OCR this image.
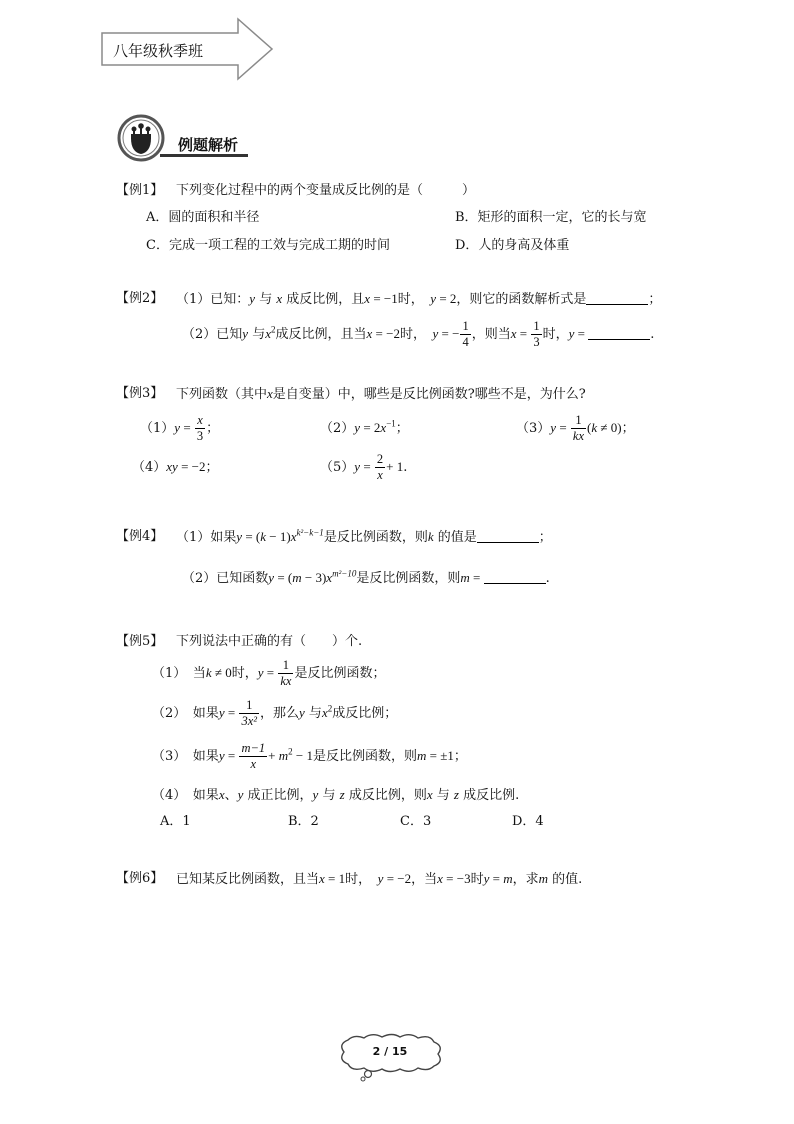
八年级秋季班
例题解析
【例1】 下列变化过程中的两个变量成反比例的是（　　　）
A．圆的面积和半径	B．矩形的面积一定，它的长与宽
C．完成一项工程的工效与完成工期的时间	D．人的身高及体重
【例2】 （1）已知：y 与 x 成反比例，且x = −1时，　 y = 2，则它的函数解析式是	；
（2）已知y 与$x^2$成反比例，且当x = −2时，　 y = − $\frac{1}{4}$ ，则当$x = \frac{1}{3}$ 时，y =	.
【例3】 下列函数（其中x是自变量）中，哪些是反比例函数?哪些不是，为什么?
$(1)y = \frac{x}{3}$ ；	$(2)y = 2x^{-1}$；	$(3)y = \frac{1}{kx} (k \ne 0)$；
（4）xy = −2；	$(5)y = \frac{2}{x} + 1$.
【例4】 （1）如果$y = (k - 1)x^{k^2-k-1}$是反比例函数，则k 的值是	；
（2）已知函数$y = (m - 3)x^{m^2-10}$是反比例函数，则m =	.
【例5】 下列说法中正确的有（　　）个.
（1）　 当k ≠ 0时，$y = \frac{1}{kx}$ 是反比例函数；
（2）　 如果$y = \frac{1}{\text{3x²}}$ ，那么y 与$x^2$成反比例；
（3）　 如果$y = \frac{m-1}{x} + m^2 - 1$是反比例函数，则m = ±1；
（4）　 如果x、y 成正比例，y 与 z 成反比例，则x 与 z 成反比例.
A．1	B．2	C．3	D．4
【例6】 已知某反比例函数，且当x = 1时，　 y = −2，当x = −3时y = m，求m 的值.
2 / 15
